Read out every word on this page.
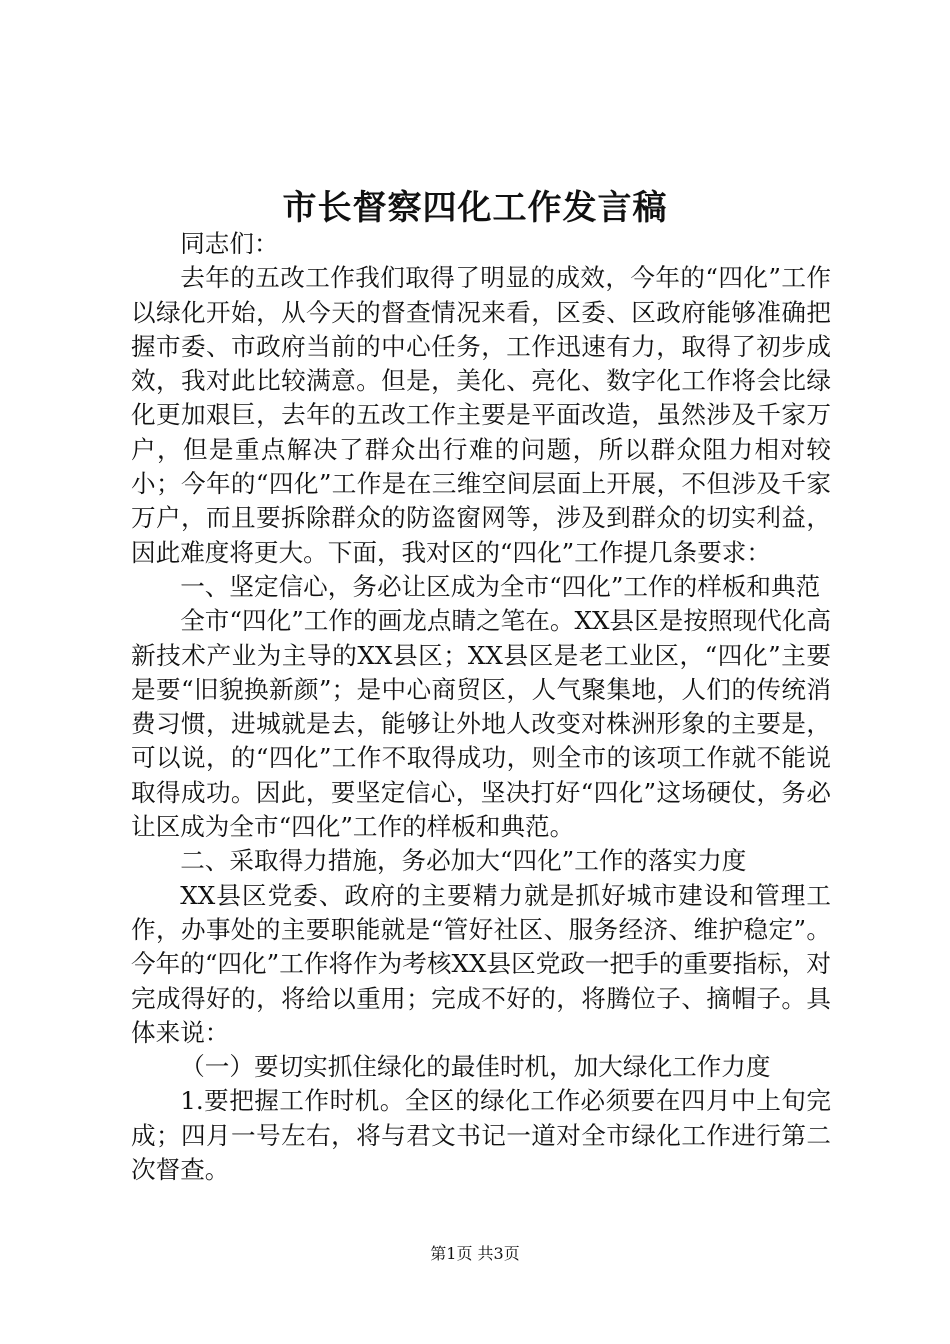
市长督察四化工作发言稿

同志们：

去年的五改工作我们取得了明显的成效，今年的“四化”工作以绿化开始，从今天的督查情况来看，区委、区政府能够准确把握市委、市政府当前的中心任务，工作迅速有力，取得了初步成效，我对此比较满意。但是，美化、亮化、数字化工作将会比绿化更加艰巨，去年的五改工作主要是平面改造，虽然涉及千家万户，但是重点解决了群众出行难的问题，所以群众阻力相对较小；今年的“四化”工作是在三维空间层面上开展，不但涉及千家万户，而且要拆除群众的防盗窗网等，涉及到群众的切实利益，因此难度将更大。下面，我对区的“四化”工作提几条要求：

一、坚定信心，务必让区成为全市“四化”工作的样板和典范

全市“四化”工作的画龙点睛之笔在。XX县区是按照现代化高新技术产业为主导的XX县区；XX县区是老工业区，“四化”主要是要“旧貌换新颜”；是中心商贸区，人气聚集地，人们的传统消费习惯，进城就是去，能够让外地人改变对株洲形象的主要是，可以说，的“四化”工作不取得成功，则全市的该项工作就不能说取得成功。因此，要坚定信心，坚决打好“四化”这场硬仗，务必让区成为全市“四化”工作的样板和典范。

二、采取得力措施，务必加大“四化”工作的落实力度

XX县区党委、政府的主要精力就是抓好城市建设和管理工作，办事处的主要职能就是“管好社区、服务经济、维护稳定”。今年的“四化”工作将作为考核XX县区党政一把手的重要指标，对完成得好的，将给以重用；完成不好的，将腾位子、摘帽子。具体来说：

（一）要切实抓住绿化的最佳时机，加大绿化工作力度

1.要把握工作时机。全区的绿化工作必须要在四月中上旬完成；四月一号左右，将与君文书记一道对全市绿化工作进行第二次督查。

第1页 共3页
